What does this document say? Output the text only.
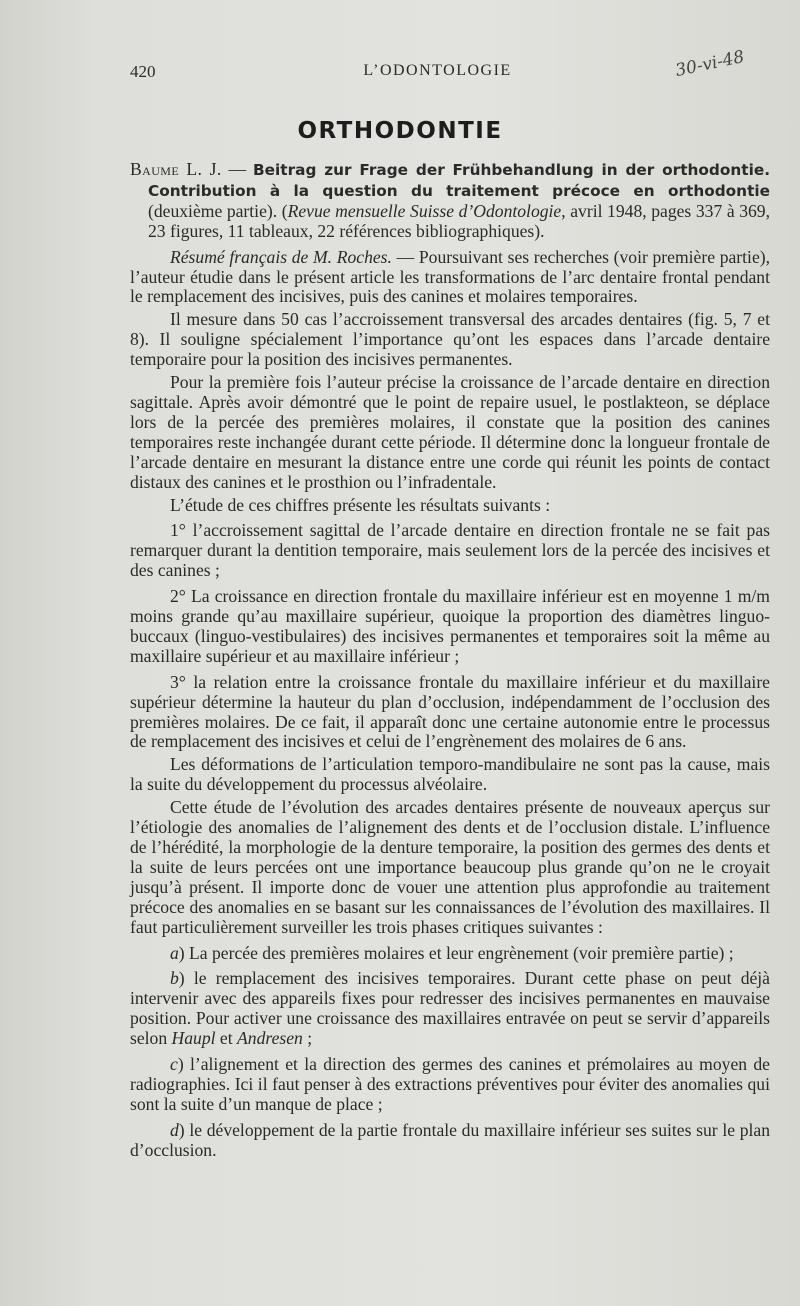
420	L’ODONTOLOGIE	30-vi-48
ORTHODONTIE

Baume L. J. — Beitrag zur Frage der Frühbehandlung in der orthodontie. Contribution à la question du traitement précoce en orthodontie (deuxième partie). (Revue mensuelle Suisse d’Odontologie, avril 1948, pages 337 à 369, 23 figures, 11 tableaux, 22 références bibliographiques).

Résumé français de M. Roches. — Poursuivant ses recherches (voir première partie), l’auteur étudie dans le présent article les transformations de l’arc dentaire frontal pendant le remplacement des incisives, puis des canines et molaires temporaires.

Il mesure dans 50 cas l’accroissement transversal des arcades dentaires (fig. 5, 7 et 8). Il souligne spécialement l’importance qu’ont les espaces dans l’arcade dentaire temporaire pour la position des incisives permanentes.

Pour la première fois l’auteur précise la croissance de l’arcade dentaire en direction sagittale. Après avoir démontré que le point de repaire usuel, le postlakteon, se déplace lors de la percée des premières molaires, il constate que la position des canines temporaires reste inchangée durant cette période. Il détermine donc la longueur frontale de l’arcade dentaire en mesurant la distance entre une corde qui réunit les points de contact distaux des canines et le prosthion ou l’infradentale.

L’étude de ces chiffres présente les résultats suivants :

1° l’accroissement sagittal de l’arcade dentaire en direction frontale ne se fait pas remarquer durant la dentition temporaire, mais seulement lors de la percée des incisives et des canines ;

2° La croissance en direction frontale du maxillaire inférieur est en moyenne 1 m/m moins grande qu’au maxillaire supérieur, quoique la proportion des diamètres linguo-buccaux (linguo-vestibulaires) des incisives permanentes et temporaires soit la même au maxillaire supérieur et au maxillaire inférieur ;

3° la relation entre la croissance frontale du maxillaire inférieur et du maxillaire supérieur détermine la hauteur du plan d’occlusion, indépendamment de l’occlusion des premières molaires. De ce fait, il apparaît donc une certaine autonomie entre le processus de remplacement des incisives et celui de l’engrènement des molaires de 6 ans.

Les déformations de l’articulation temporo-mandibulaire ne sont pas la cause, mais la suite du développement du processus alvéolaire.

Cette étude de l’évolution des arcades dentaires présente de nouveaux aperçus sur l’étiologie des anomalies de l’alignement des dents et de l’occlusion distale. L’influence de l’hérédité, la morphologie de la denture temporaire, la position des germes des dents et la suite de leurs percées ont une importance beaucoup plus grande qu’on ne le croyait jusqu’à présent. Il importe donc de vouer une attention plus approfondie au traitement précoce des anomalies en se basant sur les connaissances de l’évolution des maxillaires. Il faut particulièrement surveiller les trois phases critiques suivantes :

a) La percée des premières molaires et leur engrènement (voir première partie) ;

b) le remplacement des incisives temporaires. Durant cette phase on peut déjà intervenir avec des appareils fixes pour redresser des incisives permanentes en mauvaise position. Pour activer une croissance des maxillaires entravée on peut se servir d’appareils selon Haupl et Andresen ;

c) l’alignement et la direction des germes des canines et prémolaires au moyen de radiographies. Ici il faut penser à des extractions préventives pour éviter des anomalies qui sont la suite d’un manque de place ;

d) le développement de la partie frontale du maxillaire inférieur ses suites sur le plan d’occlusion.
